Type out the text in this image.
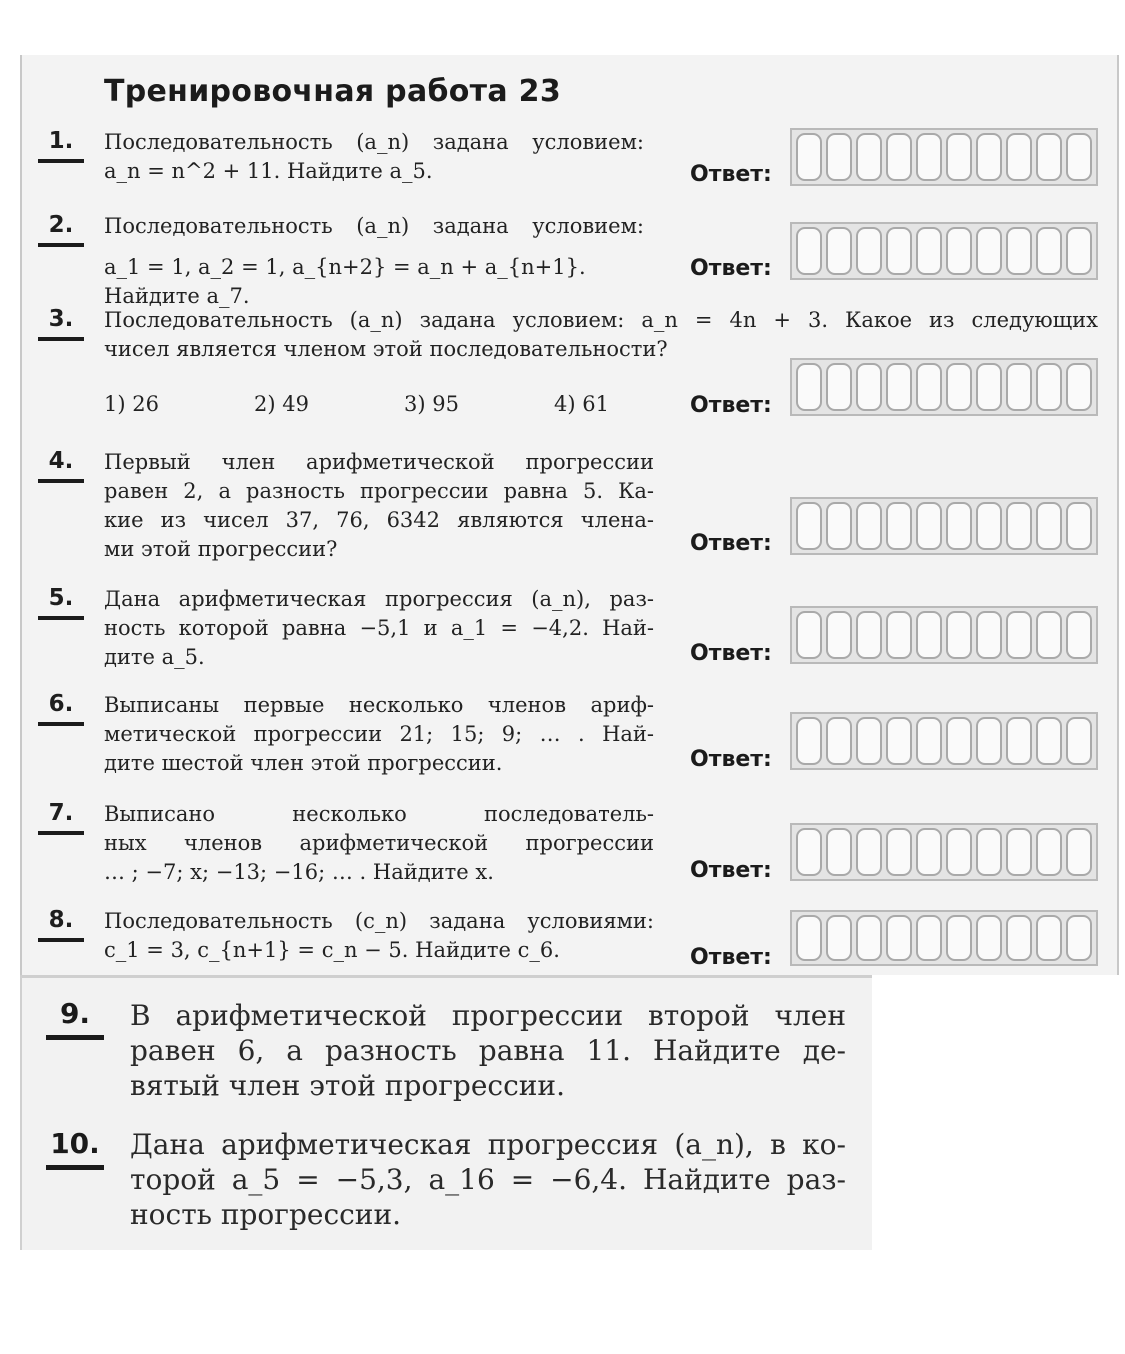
Тренировочная работа 23
1.	Последовательность (a_n) задана условием:
a_n = n^2 + 11. Найдите a_5.	Ответ:
2.	Последовательность (a_n) задана условием:
a_1 = 1, a_2 = 1, a_{n+2} = a_n + a_{n+1}. Найдите a_7.
Ответ:
3.	Последовательность (a_n) задана условием: a_n = 4n + 3. Какое из следующих
чисел является членом этой последовательности?
1) 26	2) 49	3) 95	4) 61	Ответ:
4.	Первый член арифметической прогрессии
равен 2, а разность прогрессии равна 5. Ка-
кие из чисел 37, 76, 6342 являются члена-
ми этой прогрессии?	Ответ:
5.	Дана арифметическая прогрессия (a_n), раз-
ность которой равна −5,1 и a_1 = −4,2. Най-
дите a_5.	Ответ:
6.	Выписаны первые несколько членов ариф-
метической прогрессии 21; 15; 9; … . Най-
дите шестой член этой прогрессии.	Ответ:
7.	Выписано несколько последователь-
ных членов арифметической прогрессии
… ; −7; x; −13; −16; … . Найдите x.	Ответ:
8.	Последовательность (c_n) задана условиями:
c_1 = 3, c_{n+1} = c_n − 5. Найдите c_6.	Ответ:
9.	В арифметической прогрессии второй член
равен 6, а разность равна 11. Найдите де-
вятый член этой прогрессии.
10. Дана арифметическая прогрессия (a_n), в ко-
торой a_5 = −5,3, a_16 = −6,4. Найдите раз-
ность прогрессии.
